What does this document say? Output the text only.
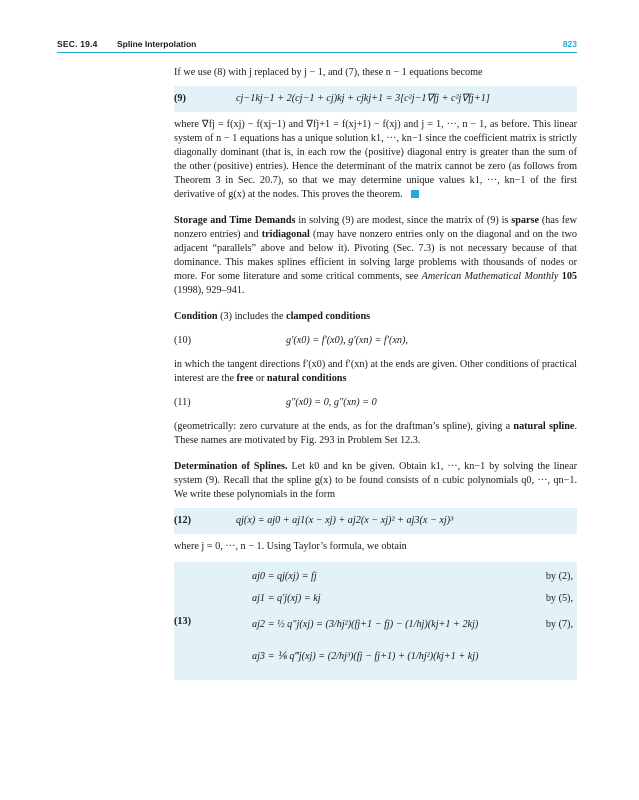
SEC. 19.4 Spline Interpolation	823

If we use (8) with j replaced by j − 1, and (7), these n − 1 equations become

(9)	cj−1kj−1 + 2(cj−1 + cj)kj + cjkj+1 = 3[c²j−1∇fj + c²j∇fj+1]

where ∇fj = f(xj) − f(xj−1) and ∇fj+1 = f(xj+1) − f(xj) and j = 1, ···, n − 1, as before. This linear system of n − 1 equations has a unique solution k1, ···, kn−1 since the coefficient matrix is strictly diagonally dominant (that is, in each row the (positive) diagonal entry is greater than the sum of the other (positive) entries). Hence the determinant of the matrix cannot be zero (as follows from Theorem 3 in Sec. 20.7), so that we may determine unique values k1, ···, kn−1 of the first derivative of g(x) at the nodes. This proves the theorem.

Storage and Time Demands in solving (9) are modest, since the matrix of (9) is sparse (has few nonzero entries) and tridiagonal (may have nonzero entries only on the diagonal and on the two adjacent “parallels” above and below it). Pivoting (Sec. 7.3) is not necessary because of that dominance. This makes splines efficient in solving large problems with thousands of nodes or more. For some literature and some critical comments, see American Mathematical Monthly 105 (1998), 929–941.

Condition (3) includes the clamped conditions

(10)	g′(x0) = f′(x0), g′(xn) = f′(xn),

in which the tangent directions f′(x0) and f′(xn) at the ends are given. Other conditions of practical interest are the free or natural conditions

(11)	g″(x0) = 0, g″(xn) = 0

(geometrically: zero curvature at the ends, as for the draftman’s spline), giving a natural spline. These names are motivated by Fig. 293 in Problem Set 12.3.

Determination of Splines. Let k0 and kn be given. Obtain k1, ···, kn−1 by solving the linear system (9). Recall that the spline g(x) to be found consists of n cubic polynomials q0, ···, qn−1. We write these polynomials in the form

(12)	qj(x) = aj0 + aj1(x − xj) + aj2(x − xj)² + aj3(x − xj)³

where j = 0, ···, n − 1. Using Taylor’s formula, we obtain

(13)
aj0 = qj(xj) = fj	by (2),
aj1 = q′j(xj) = kj	by (5),
aj2 = ½ q″j(xj) = (3/hj²)(fj+1 − fj) − (1/hj)(kj+1 + 2kj)	by (7),
aj3 = ⅙ q‴j(xj) = (2/hj³)(fj − fj+1) + (1/hj²)(kj+1 + kj)
